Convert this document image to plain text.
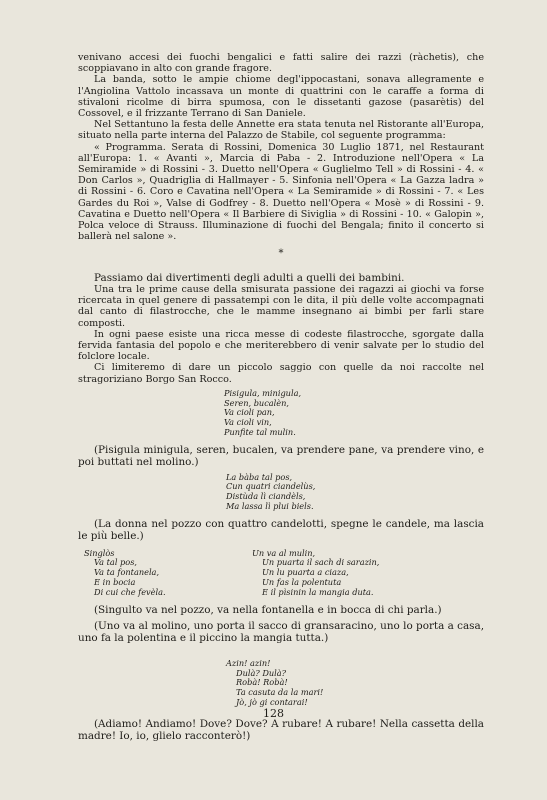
venivano accesi dei fuochi bengalici e fatti salire dei razzi (ràchetis), che scoppiavano in alto con grande fragore.

La banda, sotto le ampie chiome degl'ippocastani, sonava allegramente e l'Angiolina Vattolo incassava un monte di quattrini con le caraffe a forma di stivaloni ricolme di birra spumosa, con le dissetanti gazose (pasarètis) del Cossovel, e il frizzante Terrano di San Daniele.

Nel Settantuno la festa delle Annette era stata tenuta nel Ristorante all'Europa, situato nella parte interna del Palazzo de Stabile, col seguente programma:

« Programma. Serata di Rossini, Domenica 30 Luglio 1871, nel Restaurant all'Europa: 1. « Avanti », Marcia di Paba - 2. Introduzione nell'Opera « La Semiramide » di Rossini - 3. Duetto nell'Opera « Guglielmo Tell » di Rossini - 4. « Don Carlos », Quadriglia di Hallmayer - 5. Sinfonia nell'Opera « La Gazza ladra » di Rossini - 6. Coro e Cavatina nell'Opera « La Semiramide » di Rossini - 7. « Les Gardes du Roi », Valse di Godfrey - 8. Duetto nell'Opera « Mosè » di Rossini - 9. Cavatina e Duetto nell'Opera « Il Barbiere di Siviglia » di Rossini - 10. « Galopin », Polca veloce di Strauss. Illuminazione di fuochi del Bengala; finito il concerto si ballerà nel salone ».

*

Passiamo dai divertimenti degli adulti a quelli dei bambini.

Una tra le prime cause della smisurata passione dei ragazzi ai giochi va forse ricercata in quel genere di passatempi con le dita, il più delle volte accompagnati dal canto di filastrocche, che le mamme insegnano ai bimbi per farli stare composti.

In ogni paese esiste una ricca messe di codeste filastrocche, sgorgate dalla fervida fantasia del popolo e che meriterebbero di venir salvate per lo studio del folclore locale.

Ci limiteremo di dare un piccolo saggio con quelle da noi raccolte nel stragoriziano Borgo San Rocco.

Pisigula, minigula,
Seren, bucalèn,
Va cioli pan,
Va cioli vin,
Punfite tal mulin.

(Pisigula minigula, seren, bucalen, va prendere pane, va prendere vino, e poi buttati nel molino.)

La bàba tal pos,
Cun quatri ciandelùs,
Distùda lì ciandèls,
Ma lassa lì plui biels.

(La donna nel pozzo con quattro candelotti, spegne le candele, ma lascia le più belle.)

Singlòs
Va tal pos,
Va ta fontanela,
E in bocia
Di cui che fevèla.
Un va al mulin,
Un puarta il sach di sarazin,
Un lu puarta a ciaza,
Un fas la polentuta
E il pìsinin la mangia duta.

(Singulto va nel pozzo, va nella fontanella e in bocca di chi parla.)

(Uno va al molino, uno porta il sacco di gransaracino, uno lo porta a casa, uno fa la polentina e il piccino la mangia tutta.)

Azin! azin!
Dulà? Dulà?
Robà! Robà!
Ta casuta da la mari!
Jò, jò gi contarai!

(Adiamo! Andiamo! Dove? Dove? A rubare! A rubare! Nella cassetta della madre! Io, io, glielo racconterò!)

128
